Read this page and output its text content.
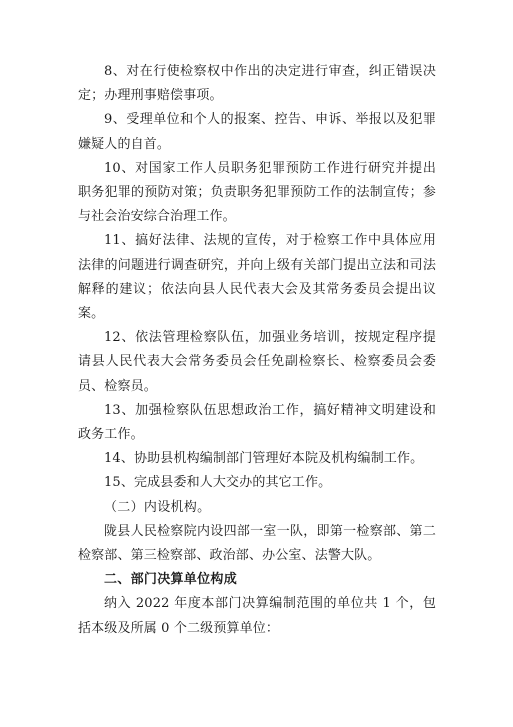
8、对在行使检察权中作出的决定进行审查，纠正错误决定；办理刑事赔偿事项。

9、受理单位和个人的报案、控告、申诉、举报以及犯罪嫌疑人的自首。

10、对国家工作人员职务犯罪预防工作进行研究并提出职务犯罪的预防对策；负责职务犯罪预防工作的法制宣传；参与社会治安综合治理工作。

11、搞好法律、法规的宣传，对于检察工作中具体应用法律的问题进行调查研究，并向上级有关部门提出立法和司法解释的建议；依法向县人民代表大会及其常务委员会提出议案。

12、依法管理检察队伍，加强业务培训，按规定程序提请县人民代表大会常务委员会任免副检察长、检察委员会委员、检察员。

13、加强检察队伍思想政治工作，搞好精神文明建设和政务工作。

14、协助县机构编制部门管理好本院及机构编制工作。

15、完成县委和人大交办的其它工作。

（二）内设机构。

陇县人民检察院内设四部一室一队，即第一检察部、第二检察部、第三检察部、政治部、办公室、法警大队。

二、部门决算单位构成

纳入 2022 年度本部门决算编制范围的单位共 1 个，包括本级及所属 0 个二级预算单位：
